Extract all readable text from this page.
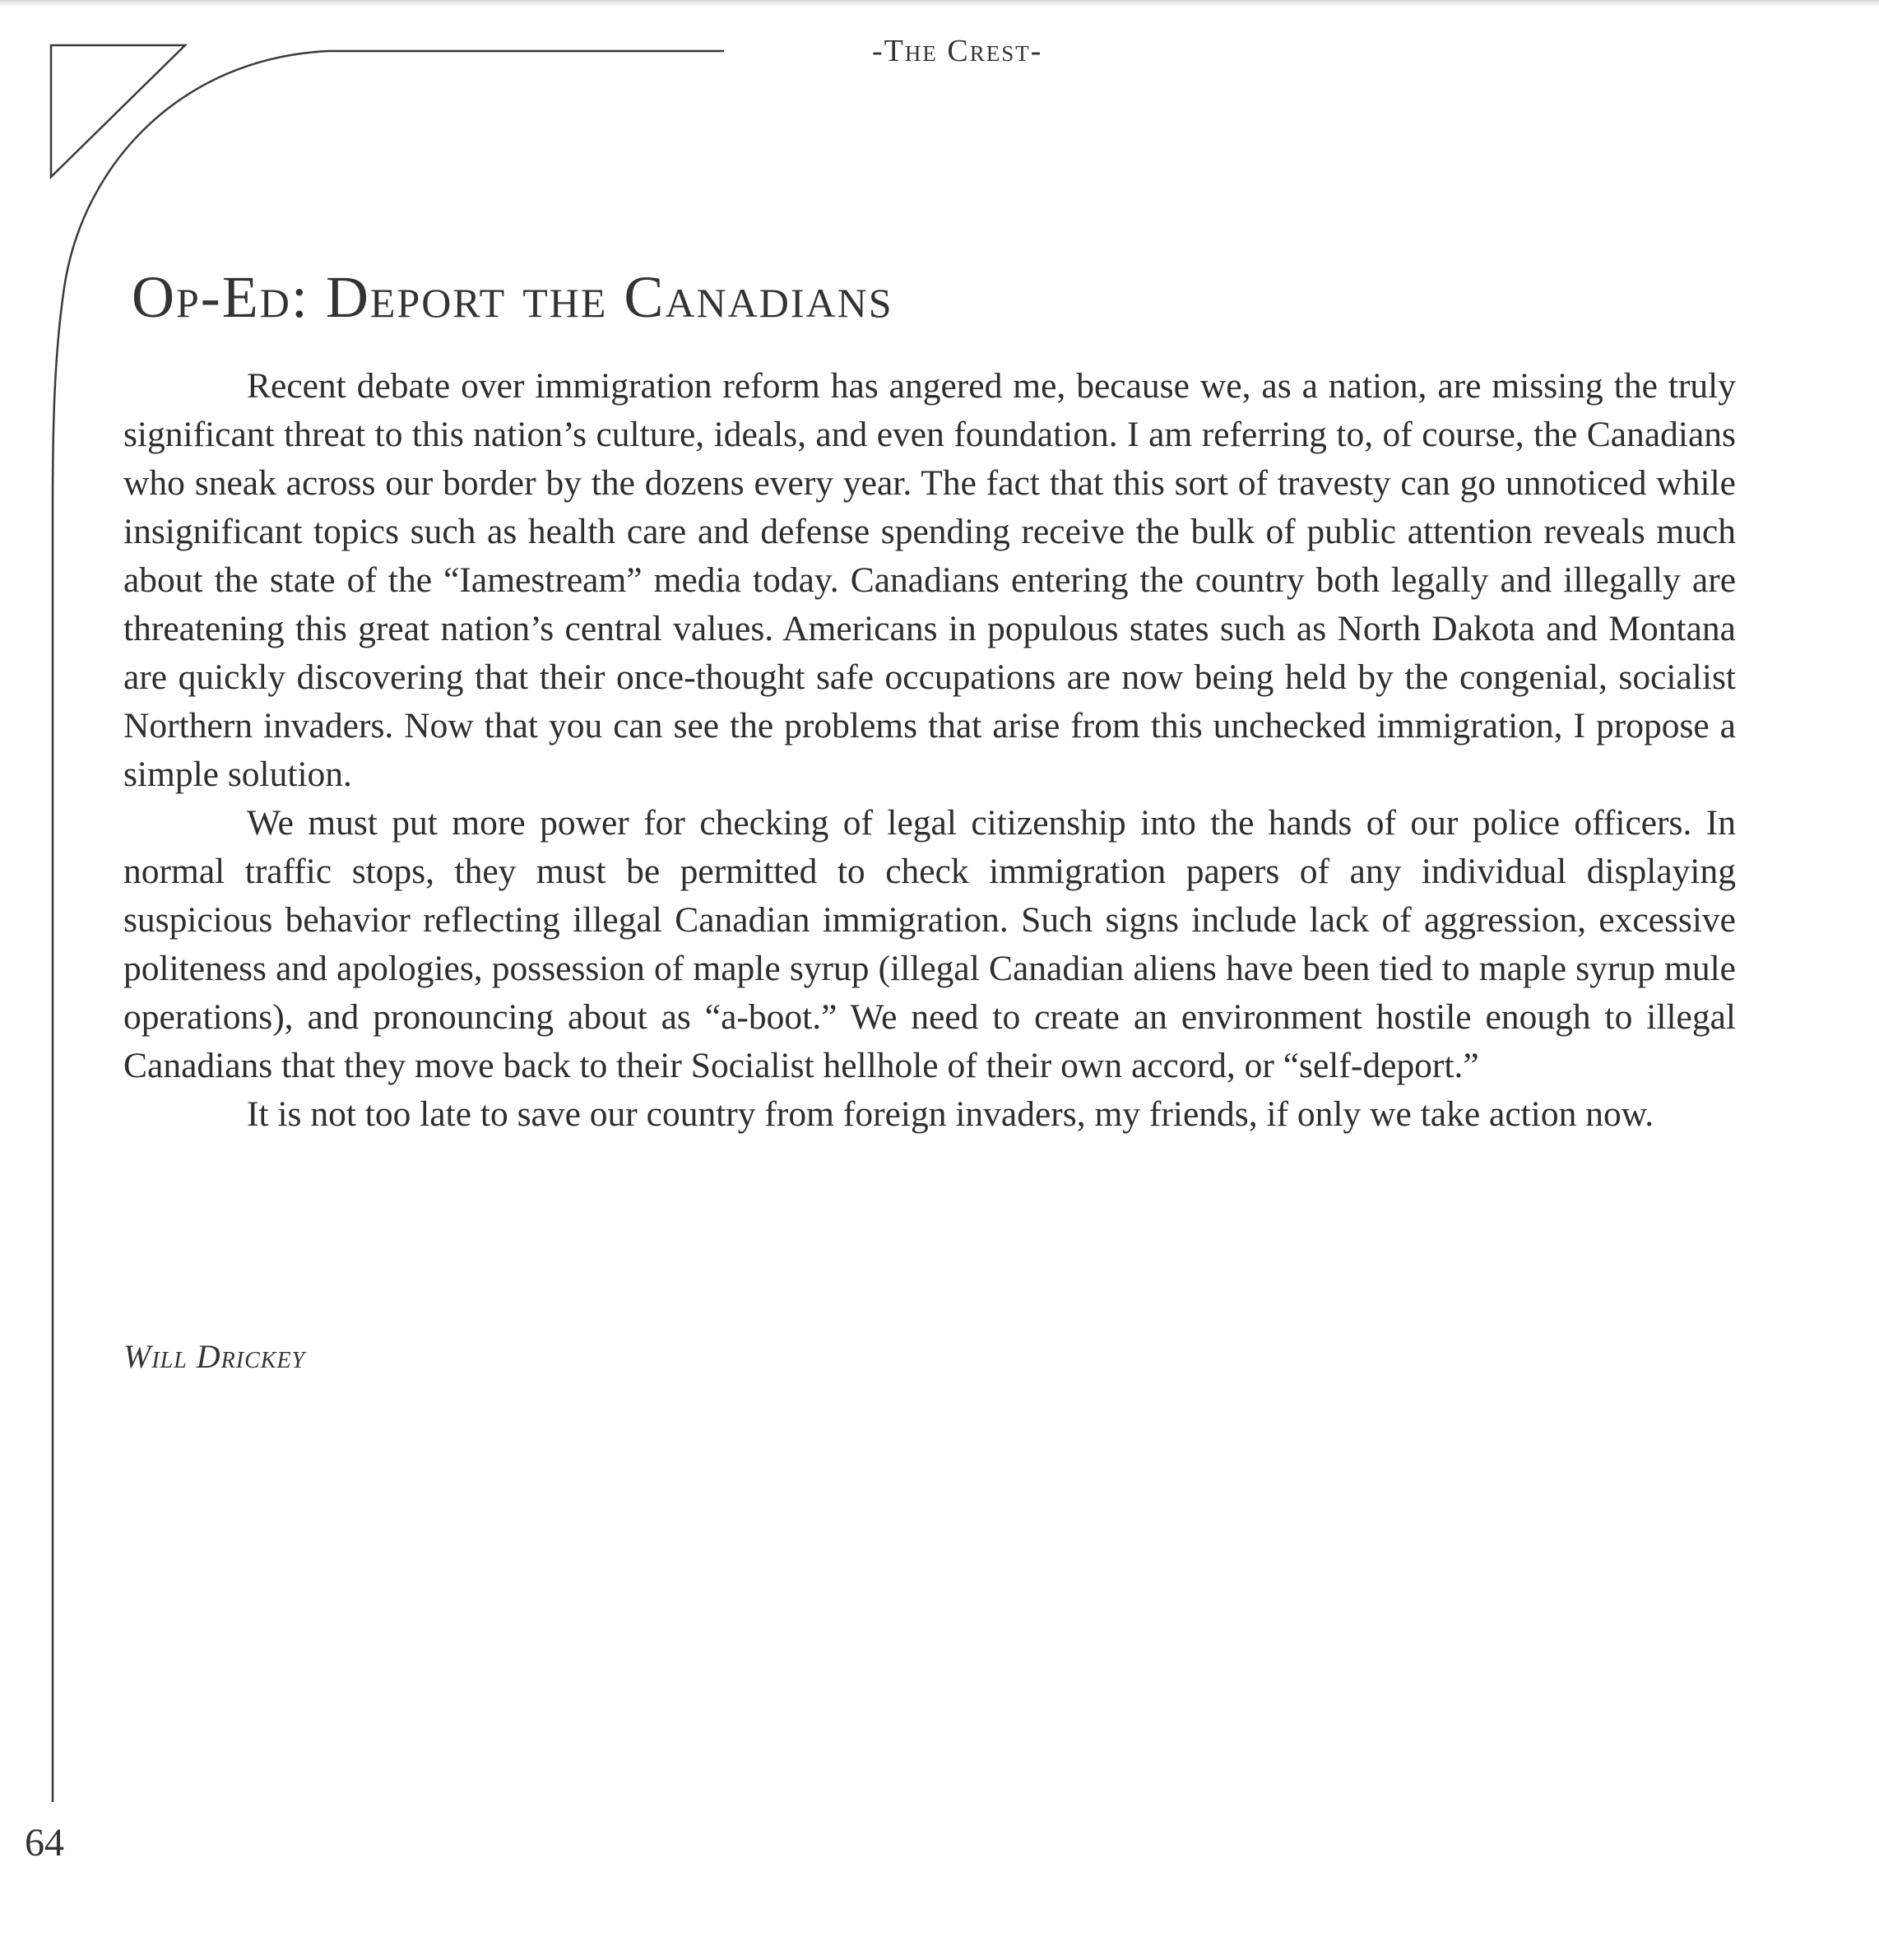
-The Crest-
Op-Ed: Deport the Canadians

Recent debate over immigration reform has angered me, because we, as a nation, are missing the truly significant threat to this nation’s culture, ideals, and even foundation. I am referring to, of course, the Canadians who sneak across our border by the dozens every year. The fact that this sort of travesty can go unnoticed while insignificant topics such as health care and defense spending receive the bulk of public attention reveals much about the state of the “Iamestream” media today. Canadians entering the country both legally and illegally are threatening this great nation’s central values. Americans in populous states such as North Dakota and Montana are quickly discovering that their once-thought safe occupations are now being held by the congenial, socialist Northern invaders. Now that you can see the problems that arise from this unchecked immigration, I propose a simple solution.

We must put more power for checking of legal citizenship into the hands of our police officers. In normal traffic stops, they must be permitted to check immigration papers of any individual displaying suspicious behavior reflecting illegal Canadian immigration. Such signs include lack of aggression, excessive politeness and apologies, possession of maple syrup (illegal Canadian aliens have been tied to maple syrup mule operations), and pronouncing about as “a-boot.” We need to create an environment hostile enough to illegal Canadians that they move back to their Socialist hellhole of their own accord, or “self-deport.”

It is not too late to save our country from foreign invaders, my friends, if only we take action now.

Will Drickey
64
